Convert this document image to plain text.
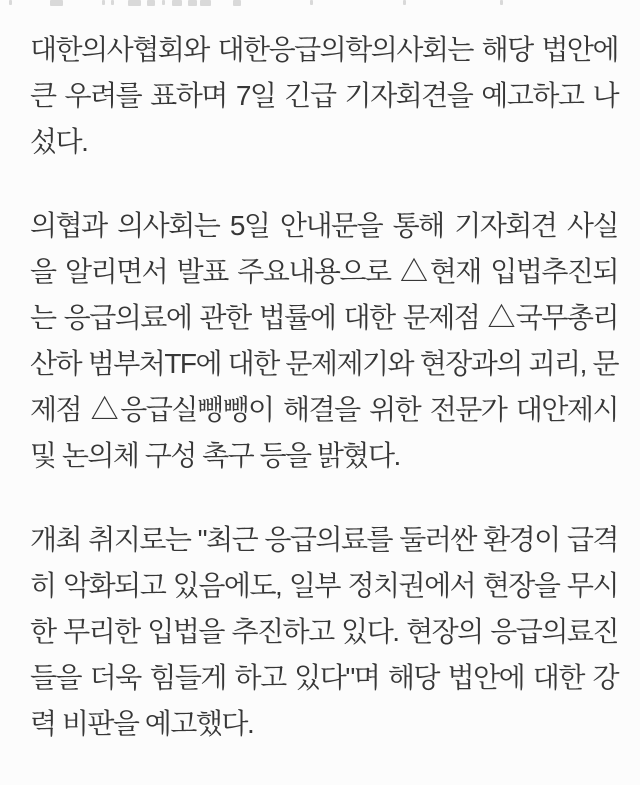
대한의사협회와 대한응급의학의사회는 해당 법안에 큰 우려를 표하며 7일 긴급 기자회견을 예고하고 나섰다.

의협과 의사회는 5일 안내문을 통해 기자회견 사실을 알리면서 발표 주요내용으로 △현재 입법추진되는 응급의료에 관한 법률에 대한 문제점 △국무총리산하 범부처TF에 대한 문제제기와 현장과의 괴리, 문제점 △응급실뺑뺑이 해결을 위한 전문가 대안제시 및 논의체 구성 촉구 등을 밝혔다.

개최 취지로는 "최근 응급의료를 둘러싼 환경이 급격히 악화되고 있음에도, 일부 정치권에서 현장을 무시한 무리한 입법을 추진하고 있다. 현장의 응급의료진들을 더욱 힘들게 하고 있다"며 해당 법안에 대한 강력 비판을 예고했다.
